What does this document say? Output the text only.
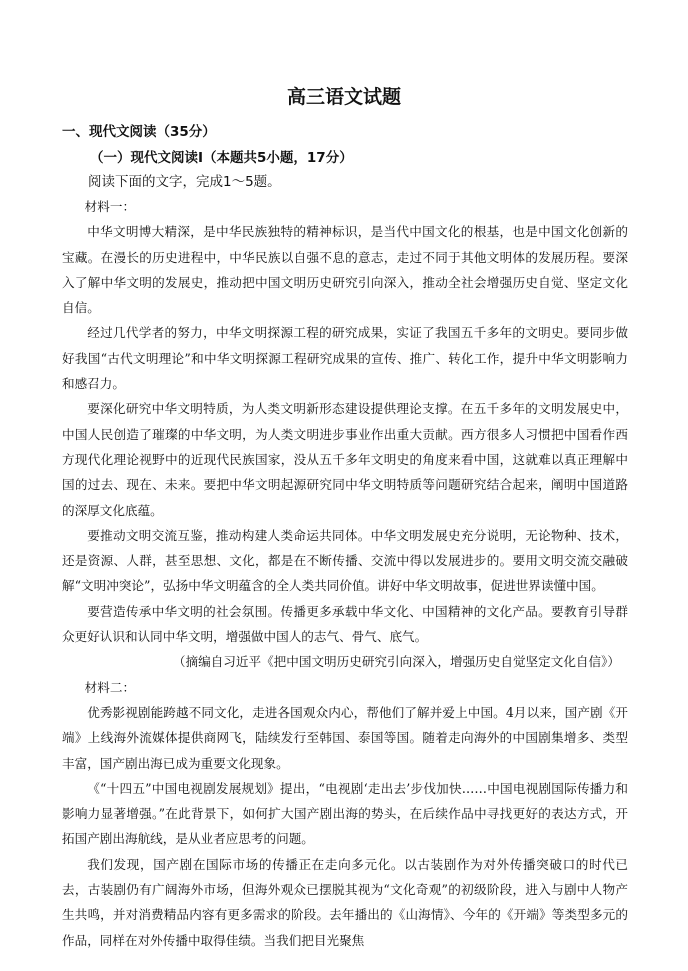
高三语文试题
一、现代文阅读（35分）
（一）现代文阅读Ⅰ（本题共5小题，17分）
阅读下面的文字，完成1～5题。

材料一：

中华文明博大精深，是中华民族独特的精神标识，是当代中国文化的根基，也是中国文化创新的宝藏。在漫长的历史进程中，中华民族以自强不息的意志，走过不同于其他文明体的发展历程。要深入了解中华文明的发展史，推动把中国文明历史研究引向深入，推动全社会增强历史自觉、坚定文化自信。

经过几代学者的努力，中华文明探源工程的研究成果，实证了我国五千多年的文明史。要同步做好我国“古代文明理论”和中华文明探源工程研究成果的宣传、推广、转化工作，提升中华文明影响力和感召力。

要深化研究中华文明特质，为人类文明新形态建设提供理论支撑。在五千多年的文明发展史中，中国人民创造了璀璨的中华文明，为人类文明进步事业作出重大贡献。西方很多人习惯把中国看作西方现代化理论视野中的近现代民族国家，没从五千多年文明史的角度来看中国，这就难以真正理解中国的过去、现在、未来。要把中华文明起源研究同中华文明特质等问题研究结合起来，阐明中国道路的深厚文化底蕴。

要推动文明交流互鉴，推动构建人类命运共同体。中华文明发展史充分说明，无论物种、技术，还是资源、人群，甚至思想、文化，都是在不断传播、交流中得以发展进步的。要用文明交流交融破解“文明冲突论”，弘扬中华文明蕴含的全人类共同价值。讲好中华文明故事，促进世界读懂中国。

要营造传承中华文明的社会氛围。传播更多承载中华文化、中国精神的文化产品。要教育引导群众更好认识和认同中华文明，增强做中国人的志气、骨气、底气。

（摘编自习近平《把中国文明历史研究引向深入，增强历史自觉坚定文化自信》）

材料二：

优秀影视剧能跨越不同文化，走进各国观众内心，帮他们了解并爱上中国。4月以来，国产剧《开端》上线海外流媒体提供商网飞，陆续发行至韩国、泰国等国。随着走向海外的中国剧集增多、类型丰富，国产剧出海已成为重要文化现象。

《“十四五”中国电视剧发展规划》提出，“电视剧‘走出去’步伐加快……中国电视剧国际传播力和影响力显著增强。”在此背景下，如何扩大国产剧出海的势头，在后续作品中寻找更好的表达方式，开拓国产剧出海航线，是从业者应思考的问题。

我们发现，国产剧在国际市场的传播正在走向多元化。以古装剧作为对外传播突破口的时代已去，古装剧仍有广阔海外市场，但海外观众已摆脱其视为“文化奇观”的初级阶段，进入与剧中人物产生共鸣，并对消费精品内容有更多需求的阶段。去年播出的《山海情》、今年的《开端》等类型多元的作品，同样在对外传播中取得佳绩。当我们把目光聚焦
